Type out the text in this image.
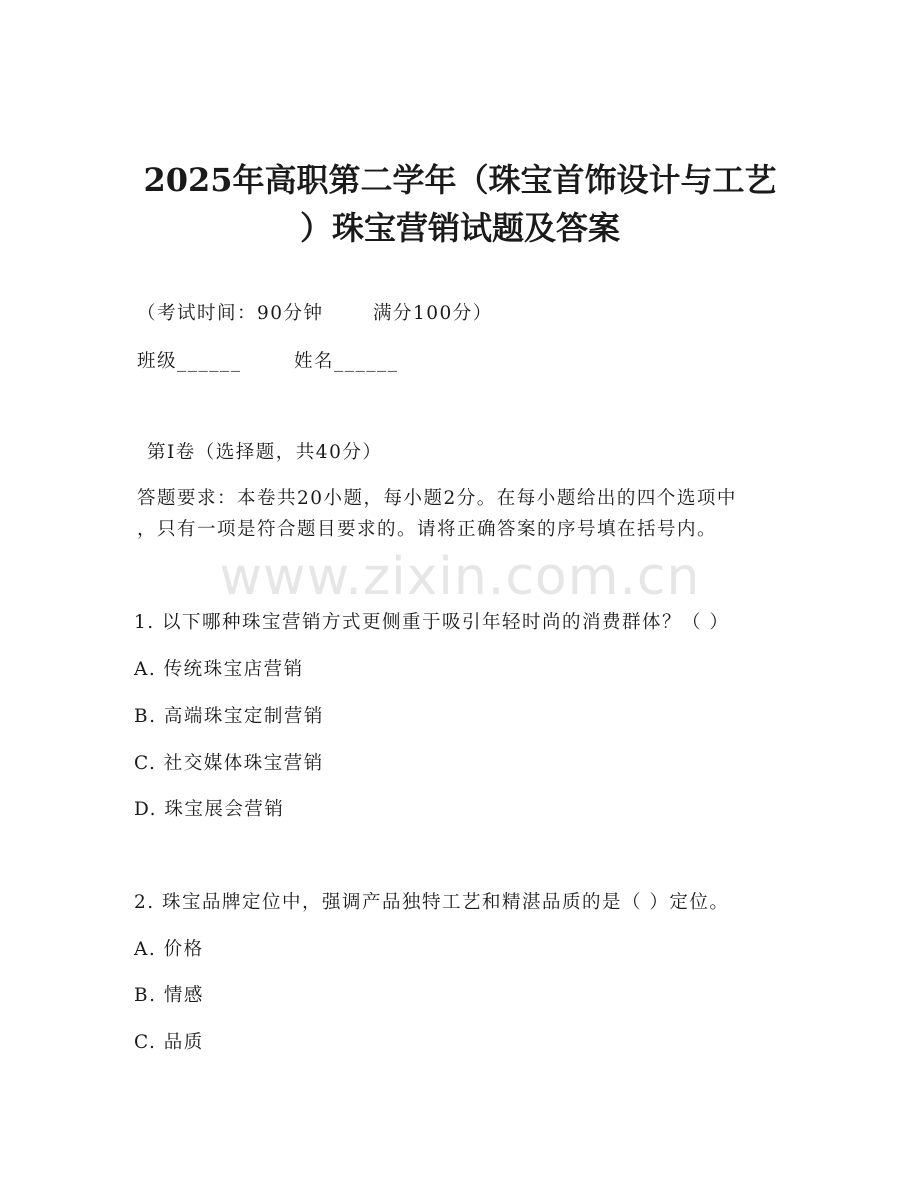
2025年高职第二学年（珠宝首饰设计与工艺
）珠宝营销试题及答案
（考试时间：90分钟	满分100分）
班级______	姓名______
第I卷（选择题，共40分）
答题要求：本卷共20小题，每小题2分。在每小题给出的四个选项中
，只有一项是符合题目要求的。请将正确答案的序号填在括号内。
www.zixin.com.cn
1. 以下哪种珠宝营销方式更侧重于吸引年轻时尚的消费群体？（ ）
A. 传统珠宝店营销
B. 高端珠宝定制营销
C. 社交媒体珠宝营销
D. 珠宝展会营销
2. 珠宝品牌定位中，强调产品独特工艺和精湛品质的是（ ）定位。
A. 价格
B. 情感
C. 品质
